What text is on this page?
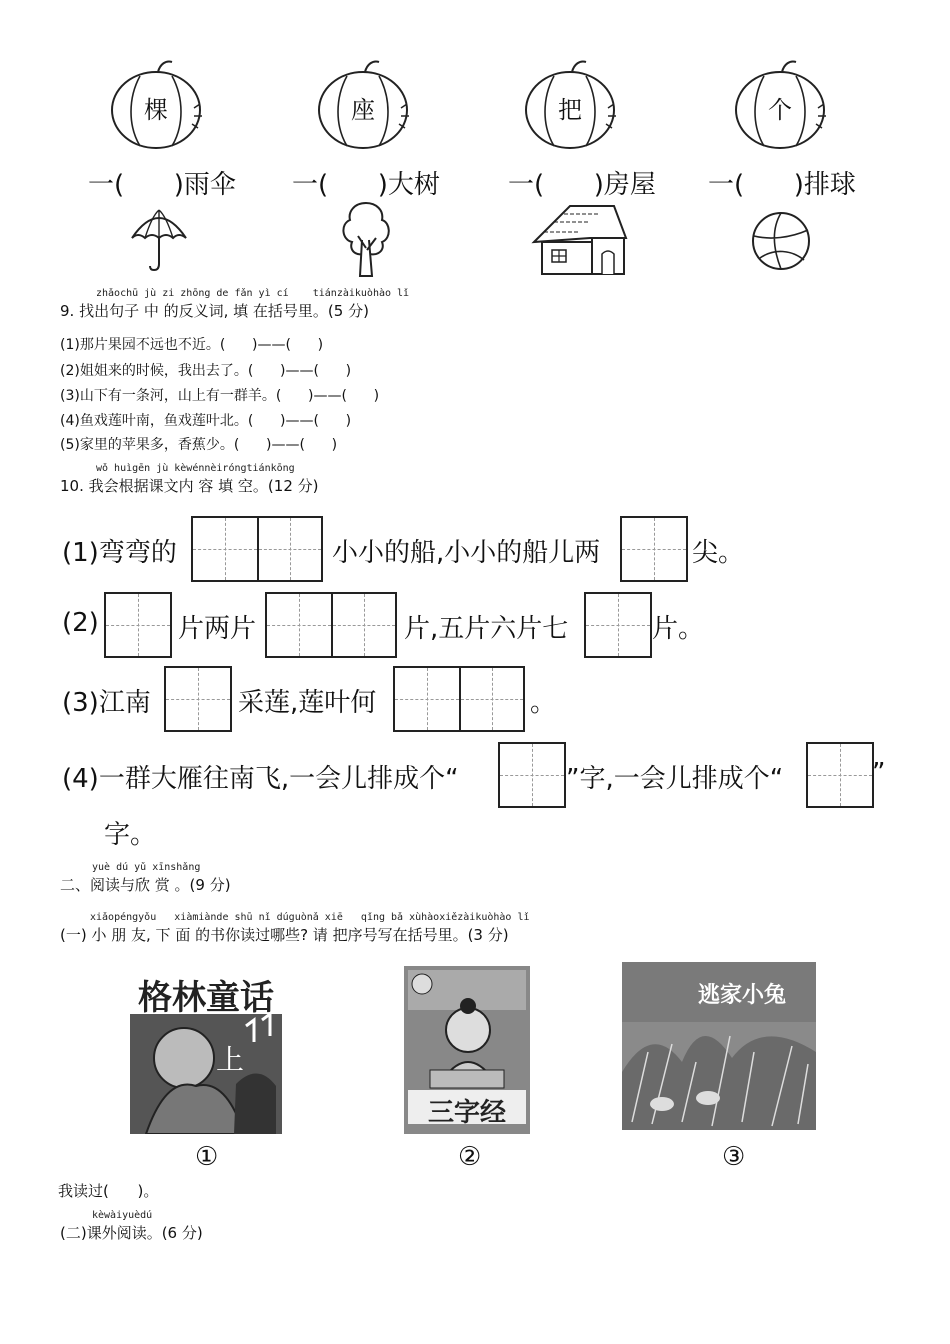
棵	座	把	个
一(      )雨伞 一(      )大树	一(      )房屋 一(      )排球
zhǎochū jù zi zhōng de fǎn yì cí    tiánzàikuòhào lǐ
9. 找出句子 中 的反义词, 填 在括号里。(5 分)
(1)那片果园不远也不近。(      )——(      )
(2)姐姐来的时候，我出去了。(      )——(      )
(3)山下有一条河，山上有一群羊。(      )——(      )
(4)鱼戏莲叶南，鱼戏莲叶北。(      )——(      )
(5)家里的苹果多，香蕉少。(      )——(      )
wǒ huìgēn jù kèwénnèiróngtiánkōng
10. 我会根据课文内 容 填 空。(12 分)
(1)弯弯的	小小的船,小小的船儿两	尖。
(2)	片两片	片,五片六片七	片。
(3)江南	采莲,莲叶何	。
(4)一群大雁往南飞,一会儿排成个“	”字,一会儿排成个“	”
字。
yuè dú yǔ xīnshǎng
二、阅读与欣 赏 。(9 分)
xiǎopéngyǒu   xiàmiànde shū nǐ dúguònǎ xiē   qǐng bǎ xùhàoxiězàikuòhào lǐ
(一) 小 朋 友, 下 面 的书你读过哪些? 请 把序号写在括号里。(3 分)
格林童话
上
三字经
逃家小兔
①	②	③
我读过(      )。
kèwàiyuèdú
(二)课外阅读。(6 分)
